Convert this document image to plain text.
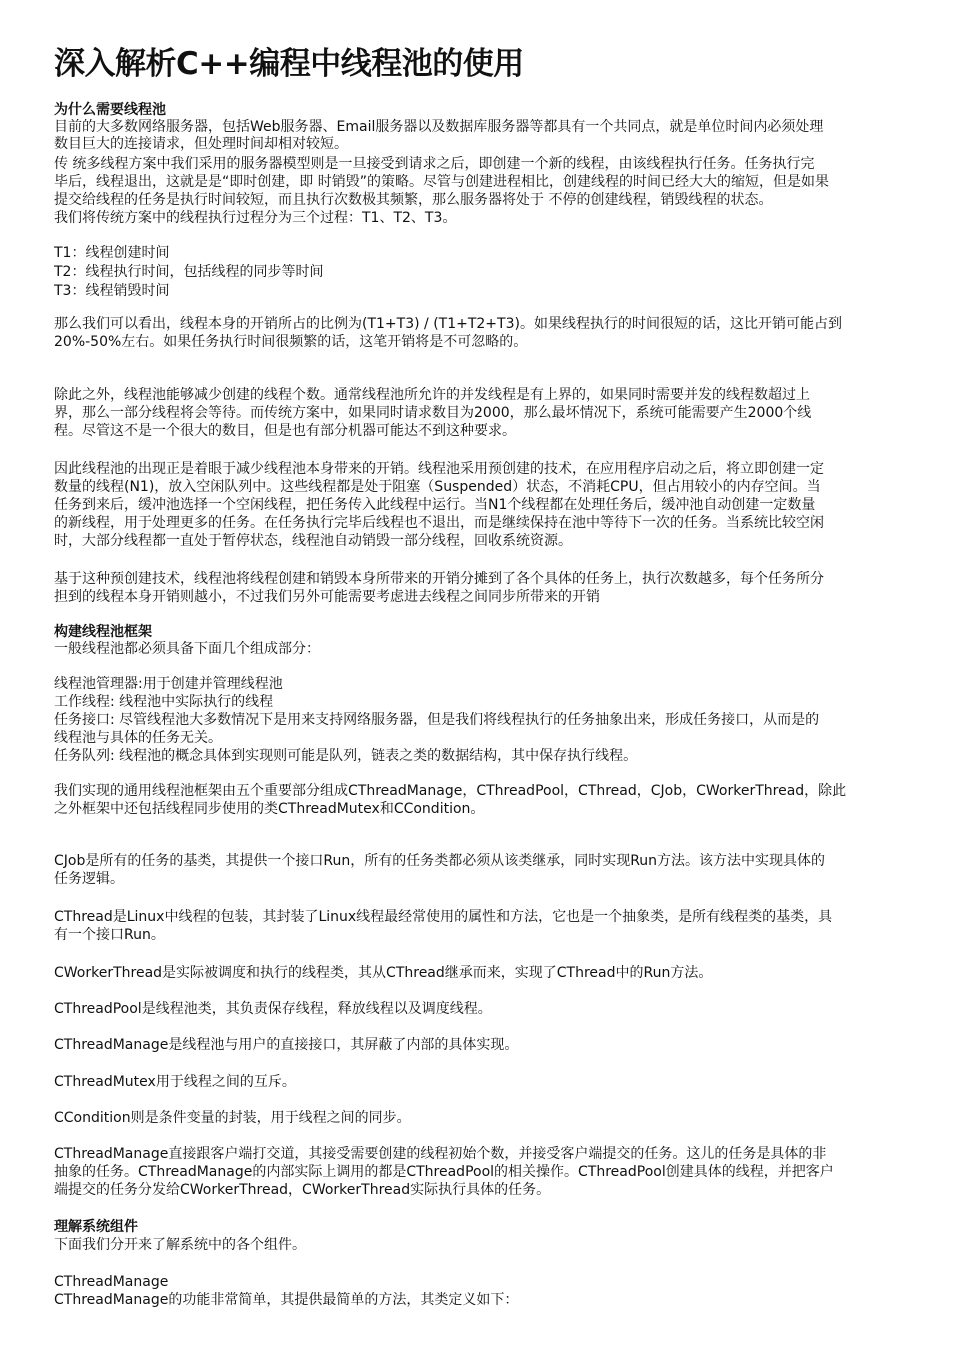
深入解析C++编程中线程池的使用
为什么需要线程池
目前的大多数网络服务器，包括Web服务器、Email服务器以及数据库服务器等都具有一个共同点，就是单位时间内必须处理
数目巨大的连接请求，但处理时间却相对较短。
传 统多线程方案中我们采用的服务器模型则是一旦接受到请求之后，即创建一个新的线程，由该线程执行任务。任务执行完
毕后，线程退出，这就是是“即时创建，即 时销毁”的策略。尽管与创建进程相比，创建线程的时间已经大大的缩短，但是如果
提交给线程的任务是执行时间较短，而且执行次数极其频繁，那么服务器将处于 不停的创建线程，销毁线程的状态。
我们将传统方案中的线程执行过程分为三个过程：T1、T2、T3。
T1：线程创建时间
T2：线程执行时间，包括线程的同步等时间
T3：线程销毁时间
那么我们可以看出，线程本身的开销所占的比例为(T1+T3) / (T1+T2+T3)。如果线程执行的时间很短的话，这比开销可能占到
20%-50%左右。如果任务执行时间很频繁的话，这笔开销将是不可忽略的。
除此之外，线程池能够减少创建的线程个数。通常线程池所允许的并发线程是有上界的，如果同时需要并发的线程数超过上
界，那么一部分线程将会等待。而传统方案中，如果同时请求数目为2000，那么最坏情况下，系统可能需要产生2000个线
程。尽管这不是一个很大的数目，但是也有部分机器可能达不到这种要求。
因此线程池的出现正是着眼于减少线程池本身带来的开销。线程池采用预创建的技术，在应用程序启动之后，将立即创建一定
数量的线程(N1)，放入空闲队列中。这些线程都是处于阻塞（Suspended）状态，不消耗CPU，但占用较小的内存空间。当
任务到来后，缓冲池选择一个空闲线程，把任务传入此线程中运行。当N1个线程都在处理任务后，缓冲池自动创建一定数量
的新线程，用于处理更多的任务。在任务执行完毕后线程也不退出，而是继续保持在池中等待下一次的任务。当系统比较空闲
时，大部分线程都一直处于暂停状态，线程池自动销毁一部分线程，回收系统资源。
基于这种预创建技术，线程池将线程创建和销毁本身所带来的开销分摊到了各个具体的任务上，执行次数越多，每个任务所分
担到的线程本身开销则越小，不过我们另外可能需要考虑进去线程之间同步所带来的开销
构建线程池框架
一般线程池都必须具备下面几个组成部分：
线程池管理器:用于创建并管理线程池
工作线程: 线程池中实际执行的线程
任务接口: 尽管线程池大多数情况下是用来支持网络服务器，但是我们将线程执行的任务抽象出来，形成任务接口，从而是的
线程池与具体的任务无关。
任务队列: 线程池的概念具体到实现则可能是队列，链表之类的数据结构，其中保存执行线程。
我们实现的通用线程池框架由五个重要部分组成CThreadManage，CThreadPool，CThread，CJob，CWorkerThread，除此
之外框架中还包括线程同步使用的类CThreadMutex和CCondition。
CJob是所有的任务的基类，其提供一个接口Run，所有的任务类都必须从该类继承，同时实现Run方法。该方法中实现具体的
任务逻辑。
CThread是Linux中线程的包装，其封装了Linux线程最经常使用的属性和方法，它也是一个抽象类，是所有线程类的基类，具
有一个接口Run。
CWorkerThread是实际被调度和执行的线程类，其从CThread继承而来，实现了CThread中的Run方法。
CThreadPool是线程池类，其负责保存线程，释放线程以及调度线程。
CThreadManage是线程池与用户的直接接口，其屏蔽了内部的具体实现。
CThreadMutex用于线程之间的互斥。
CCondition则是条件变量的封装，用于线程之间的同步。
CThreadManage直接跟客户端打交道，其接受需要创建的线程初始个数，并接受客户端提交的任务。这儿的任务是具体的非
抽象的任务。CThreadManage的内部实际上调用的都是CThreadPool的相关操作。CThreadPool创建具体的线程，并把客户
端提交的任务分发给CWorkerThread，CWorkerThread实际执行具体的任务。
理解系统组件
下面我们分开来了解系统中的各个组件。
CThreadManage
CThreadManage的功能非常简单，其提供最简单的方法，其类定义如下：
